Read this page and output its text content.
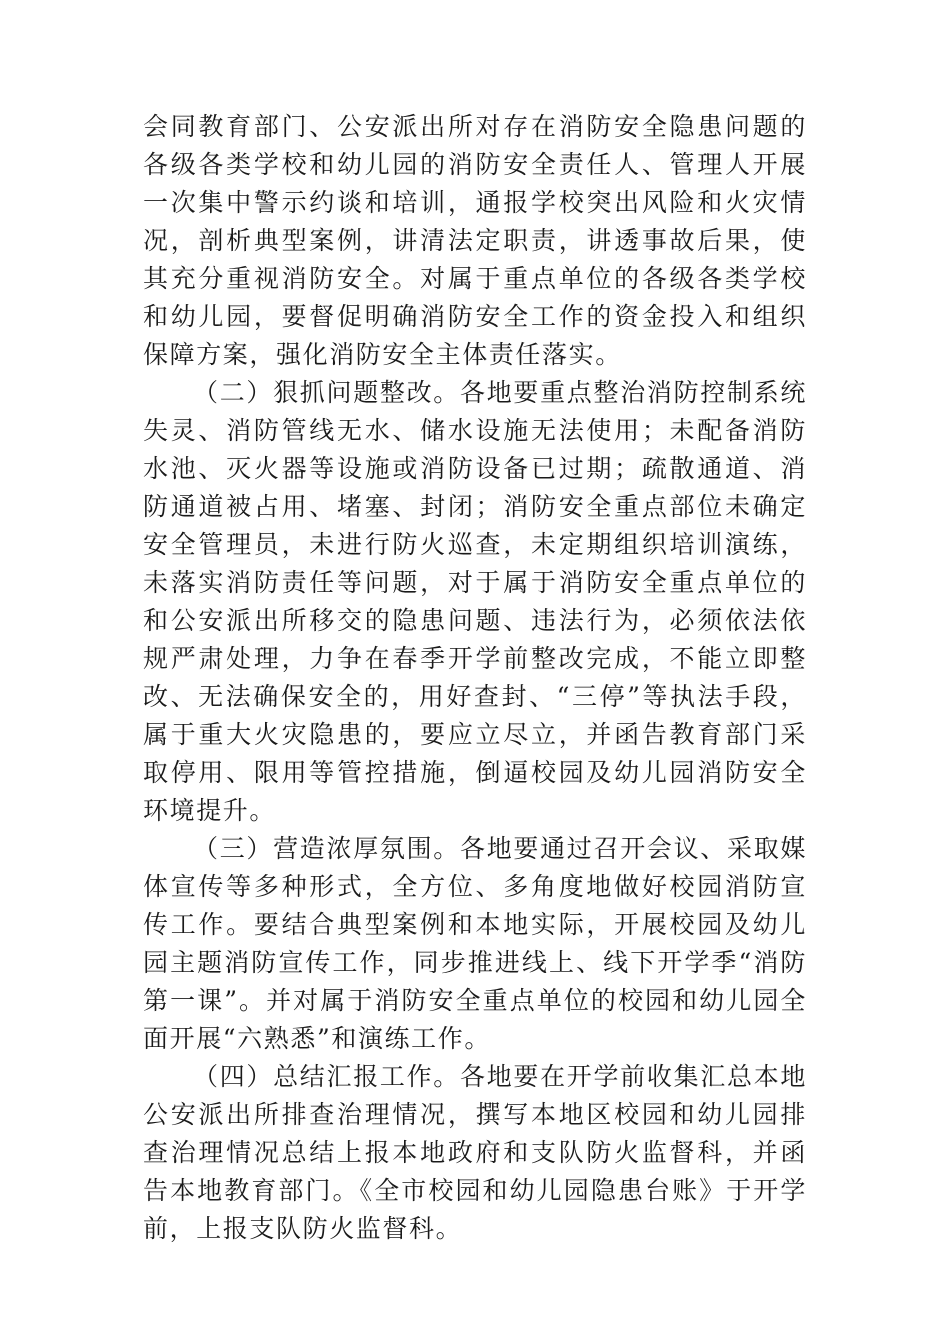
会同教育部门、公安派出所对存在消防安全隐患问题的各级各类学校和幼儿园的消防安全责任人、管理人开展一次集中警示约谈和培训，通报学校突出风险和火灾情况，剖析典型案例，讲清法定职责，讲透事故后果，使其充分重视消防安全。对属于重点单位的各级各类学校和幼儿园，要督促明确消防安全工作的资金投入和组织保障方案，强化消防安全主体责任落实。

（二）狠抓问题整改。各地要重点整治消防控制系统失灵、消防管线无水、储水设施无法使用；未配备消防水池、灭火器等设施或消防设备已过期；疏散通道、消防通道被占用、堵塞、封闭；消防安全重点部位未确定安全管理员，未进行防火巡查，未定期组织培训演练，未落实消防责任等问题，对于属于消防安全重点单位的和公安派出所移交的隐患问题、违法行为，必须依法依规严肃处理，力争在春季开学前整改完成，不能立即整改、无法确保安全的，用好查封、“三停”等执法手段，属于重大火灾隐患的，要应立尽立，并函告教育部门采取停用、限用等管控措施，倒逼校园及幼儿园消防安全环境提升。

（三）营造浓厚氛围。各地要通过召开会议、采取媒体宣传等多种形式，全方位、多角度地做好校园消防宣传工作。要结合典型案例和本地实际，开展校园及幼儿园主题消防宣传工作，同步推进线上、线下开学季“消防第一课”。并对属于消防安全重点单位的校园和幼儿园全面开展“六熟悉”和演练工作。

（四）总结汇报工作。各地要在开学前收集汇总本地公安派出所排查治理情况，撰写本地区校园和幼儿园排查治理情况总结上报本地政府和支队防火监督科，并函告本地教育部门。《全市校园和幼儿园隐患台账》于开学前，上报支队防火监督科。
